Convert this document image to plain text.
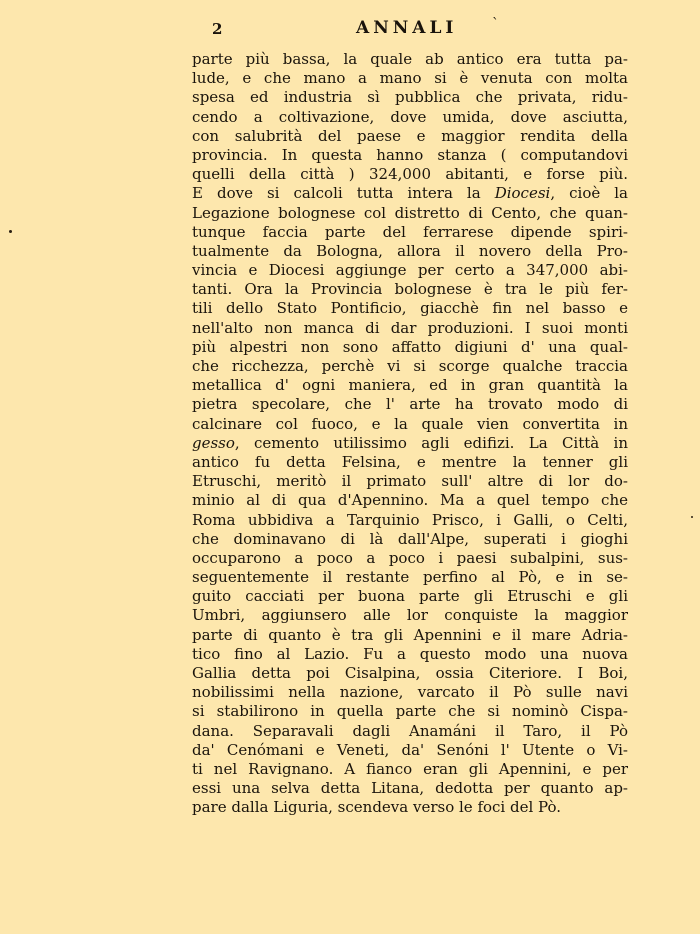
2	ANNALI `
parte più bassa, la quale ab antico era tutta pa-
lude, e che mano a mano si è venuta con molta
spesa ed industria sì pubblica che privata, ridu-
cendo a coltivazione, dove umida, dove asciutta,
con salubrità del paese e maggior rendita della
provincia. In questa hanno stanza ( computandovi
quelli della città ) 324,000 abitanti, e forse più.
E dove si calcoli tutta intera la Diocesi, cioè la
Legazione bolognese col distretto di Cento, che quan-
tunque faccia parte del ferrarese dipende spiri-
tualmente da Bologna, allora il novero della Pro-
vincia e Diocesi aggiunge per certo a 347,000 abi-
tanti. Ora la Provincia bolognese è tra le più fer-
tili dello Stato Pontificio, giacchè fin nel basso e
nell'alto non manca di dar produzioni. I suoi monti
più alpestri non sono affatto digiuni d' una qual-
che ricchezza, perchè vi si scorge qualche traccia
metallica d' ogni maniera, ed in gran quantità la
pietra specolare, che l' arte ha trovato modo di
calcinare col fuoco, e la quale vien convertita in
gesso, cemento utilissimo agli edifizi. La Città in
antico fu detta Felsina, e mentre la tenner gli
Etruschi, meritò il primato sull' altre di lor do-
minio al di qua d'Apennino. Ma a quel tempo che
Roma ubbidiva a Tarquinio Prisco, i Galli, o Celti,
che dominavano di là dall'Alpe, superati i gioghi
occuparono a poco a poco i paesi subalpini, sus-
seguentemente il restante perfino al Pò, e in se-
guito cacciati per buona parte gli Etruschi e gli
Umbri, aggiunsero alle lor conquiste la maggior
parte di quanto è tra gli Apennini e il mare Adria-
tico fino al Lazio. Fu a questo modo una nuova
Gallia detta poi Cisalpina, ossia Citeriore. I Boi,
nobilissimi nella nazione, varcato il Pò sulle navi
si stabilirono in quella parte che si nominò Cispa-
dana. Separavali dagli Anamáni il Taro, il Pò
da' Cenómani e Veneti, da' Senóni l' Utente o Vi-
ti nel Ravignano. A fianco eran gli Apennini, e per
essi una selva detta Litana, dedotta per quanto ap-
pare dalla Liguria, scendeva verso le foci del Pò.
